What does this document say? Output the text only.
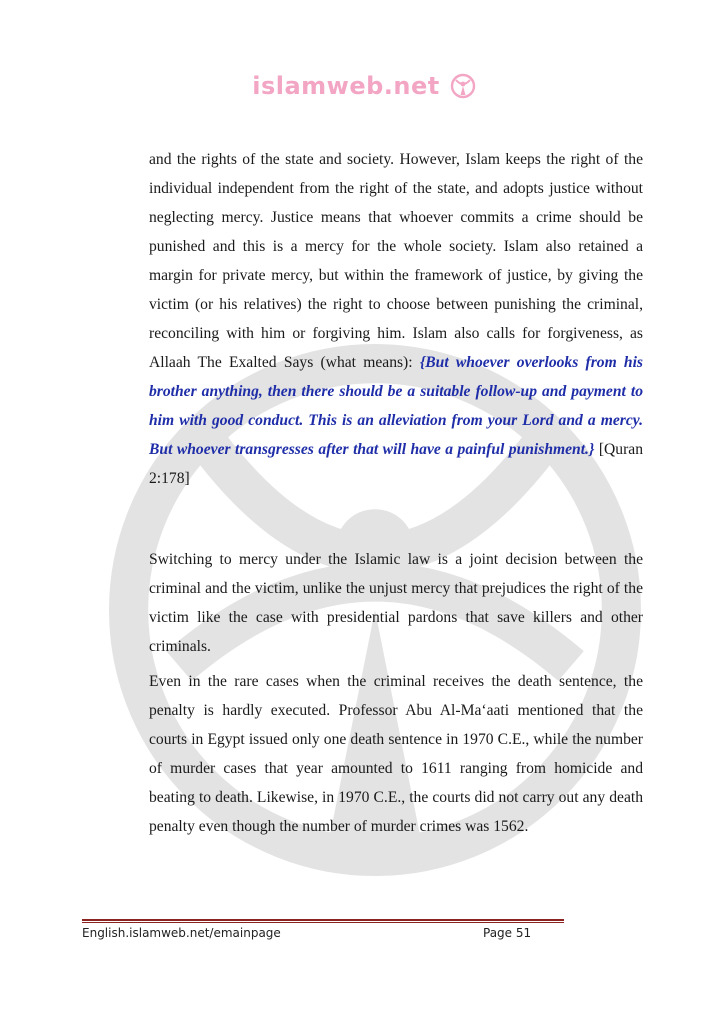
islamweb.net

and the rights of the state and society. However, Islam keeps the right of the individual independent from the right of the state, and adopts justice without neglecting mercy. Justice means that whoever commits a crime should be punished and this is a mercy for the whole society. Islam also retained a margin for private mercy, but within the framework of justice, by giving the victim (or his relatives) the right to choose between punishing the criminal, reconciling with him or forgiving him. Islam also calls for forgiveness, as Allaah The Exalted Says (what means): {But whoever overlooks from his brother anything, then there should be a suitable follow-up and payment to him with good conduct. This is an alleviation from your Lord and a mercy. But whoever transgresses after that will have a painful punishment.} [Quran 2:178]

Switching to mercy under the Islamic law is a joint decision between the criminal and the victim, unlike the unjust mercy that prejudices the right of the victim like the case with presidential pardons that save killers and other criminals.

Even in the rare cases when the criminal receives the death sentence, the penalty is hardly executed. Professor Abu Al-Ma‘aati mentioned that the courts in Egypt issued only one death sentence in 1970 C.E., while the number of murder cases that year amounted to 1611 ranging from homicide and beating to death. Likewise, in 1970 C.E., the courts did not carry out any death penalty even though the number of murder crimes was 1562.

English.islamweb.net/emainpage	Page 51
